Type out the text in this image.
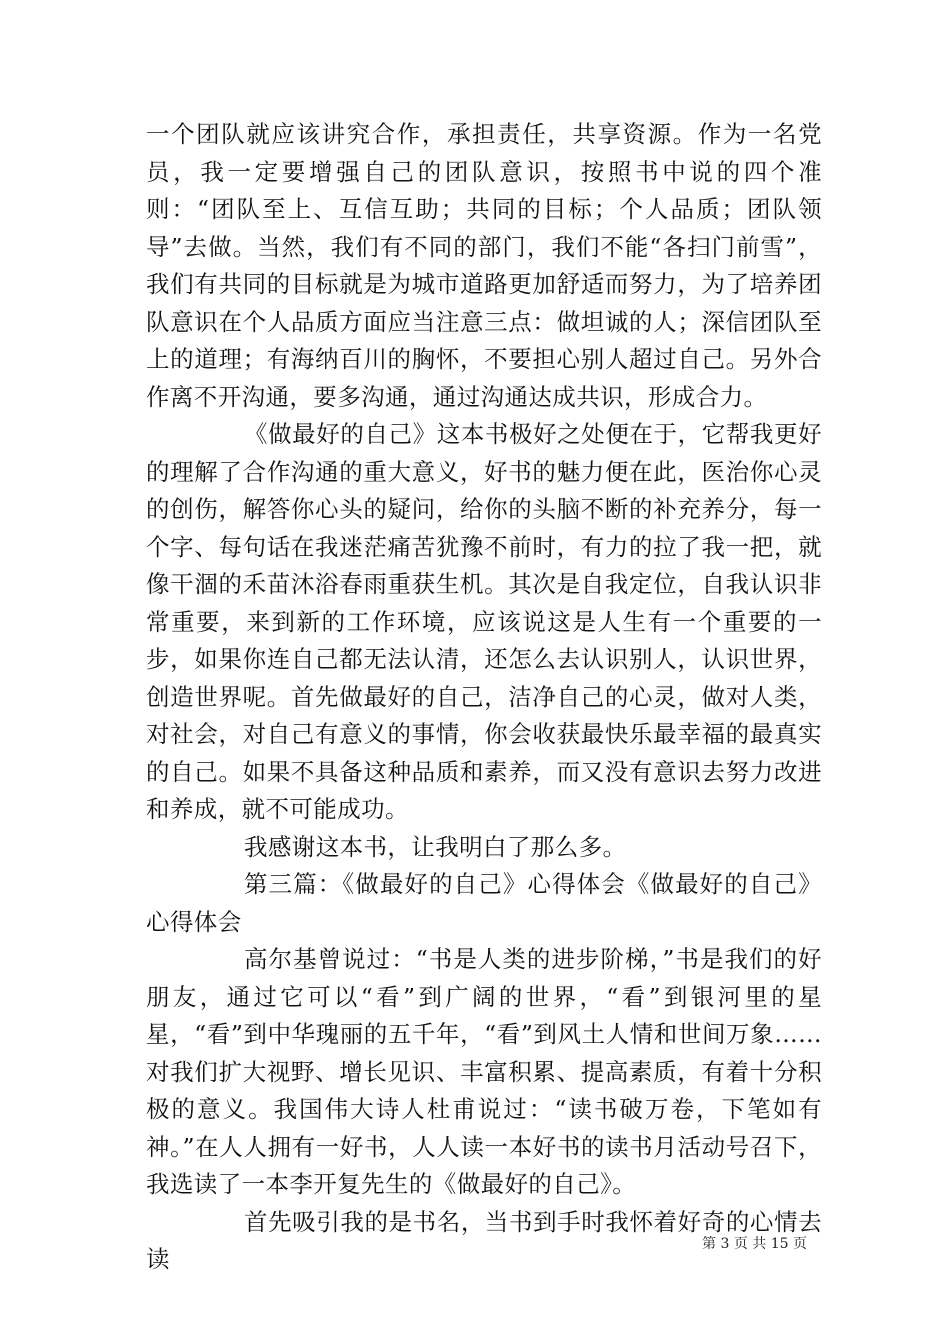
一个团队就应该讲究合作，承担责任，共享资源。作为一名党员，我一定要增强自己的团队意识，按照书中说的四个准则：“团队至上、互信互助；共同的目标；个人品质；团队领导”去做。当然，我们有不同的部门，我们不能“各扫门前雪”，我们有共同的目标就是为城市道路更加舒适而努力，为了培养团队意识在个人品质方面应当注意三点：做坦诚的人；深信团队至上的道理；有海纳百川的胸怀，不要担心别人超过自己。另外合作离不开沟通，要多沟通，通过沟通达成共识，形成合力。

《做最好的自己》这本书极好之处便在于，它帮我更好的理解了合作沟通的重大意义，好书的魅力便在此，医治你心灵的创伤，解答你心头的疑问，给你的头脑不断的补充养分，每一个字、每句话在我迷茫痛苦犹豫不前时，有力的拉了我一把，就像干涸的禾苗沐浴春雨重获生机。其次是自我定位，自我认识非常重要，来到新的工作环境，应该说这是人生有一个重要的一步，如果你连自己都无法认清，还怎么去认识别人，认识世界，创造世界呢。首先做最好的自己，洁净自己的心灵，做对人类，对社会，对自己有意义的事情，你会收获最快乐最幸福的最真实的自己。如果不具备这种品质和素养，而又没有意识去努力改进和养成，就不可能成功。

我感谢这本书，让我明白了那么多。

第三篇：《做最好的自己》心得体会《做最好的自己》心得体会

高尔基曾说过：“书是人类的进步阶梯，”书是我们的好朋友，通过它可以“看”到广阔的世界，“看”到银河里的星星，“看”到中华瑰丽的五千年，“看”到风土人情和世间万象……对我们扩大视野、增长见识、丰富积累、提高素质，有着十分积极的意义。我国伟大诗人杜甫说过：“读书破万卷，下笔如有神。”在人人拥有一好书，人人读一本好书的读书月活动号召下，我选读了一本李开复先生的《做最好的自己》。

首先吸引我的是书名，当书到手时我怀着好奇的心情去读

第 3 页 共 15 页
